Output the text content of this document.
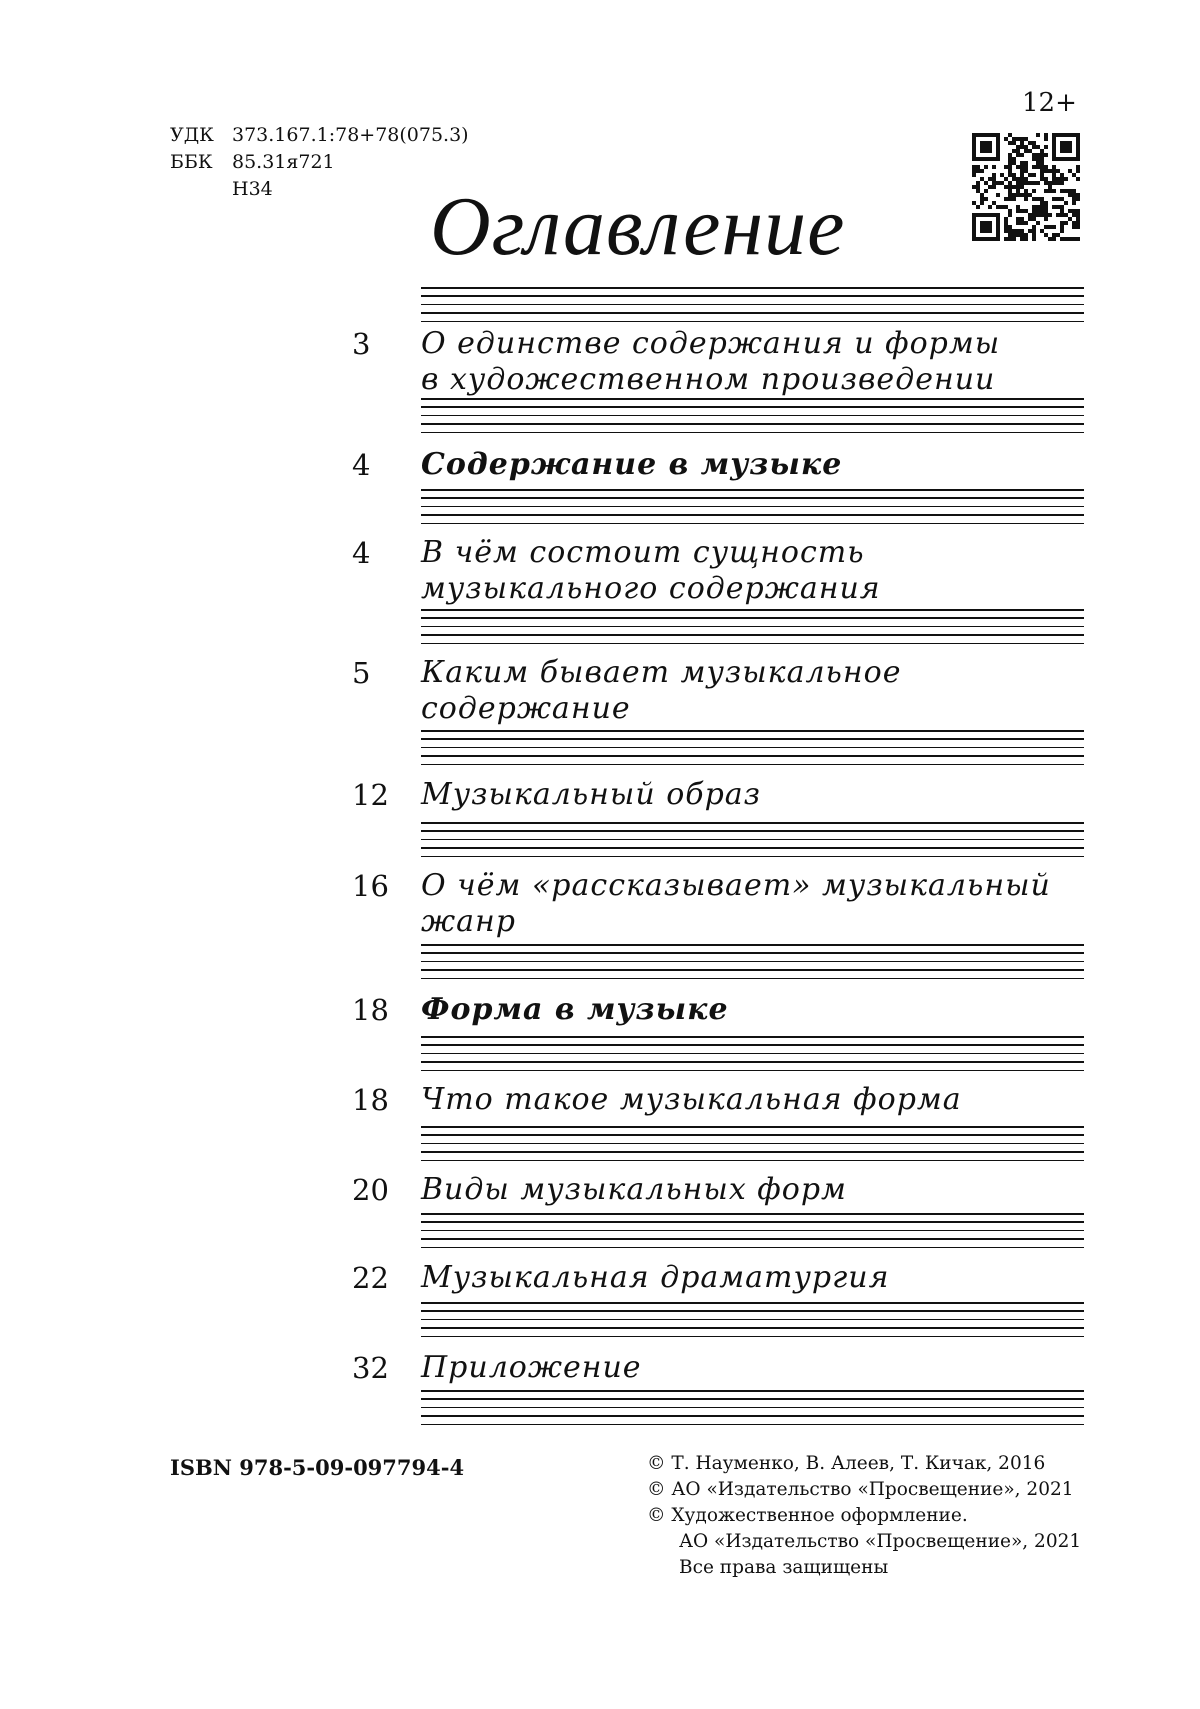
УДК 373.167.1:78+78(075.3)
ББК	85.31я721
Н34
12+
Оглавление
3	О единстве содержания и формы
в художественном произведении
4	Содержание в музыке
4	В чём состоит сущность
музыкального содержания
5	Каким бывает музыкальное
содержание
12	Музыкальный образ
16	О чём «рассказывает» музыкальный
жанр
18	Форма в музыке
18	Что такое музыкальная форма
20	Виды музыкальных форм
22	Музыкальная драматургия
32	Приложение
ISBN 978-5-09-097794-4	© Т. Науменко, В. Алеев, Т. Кичак, 2016
© АО «Издательство «Просвещение», 2021
© Художественное оформление.
АО «Издательство «Просвещение», 2021
Все права защищены
